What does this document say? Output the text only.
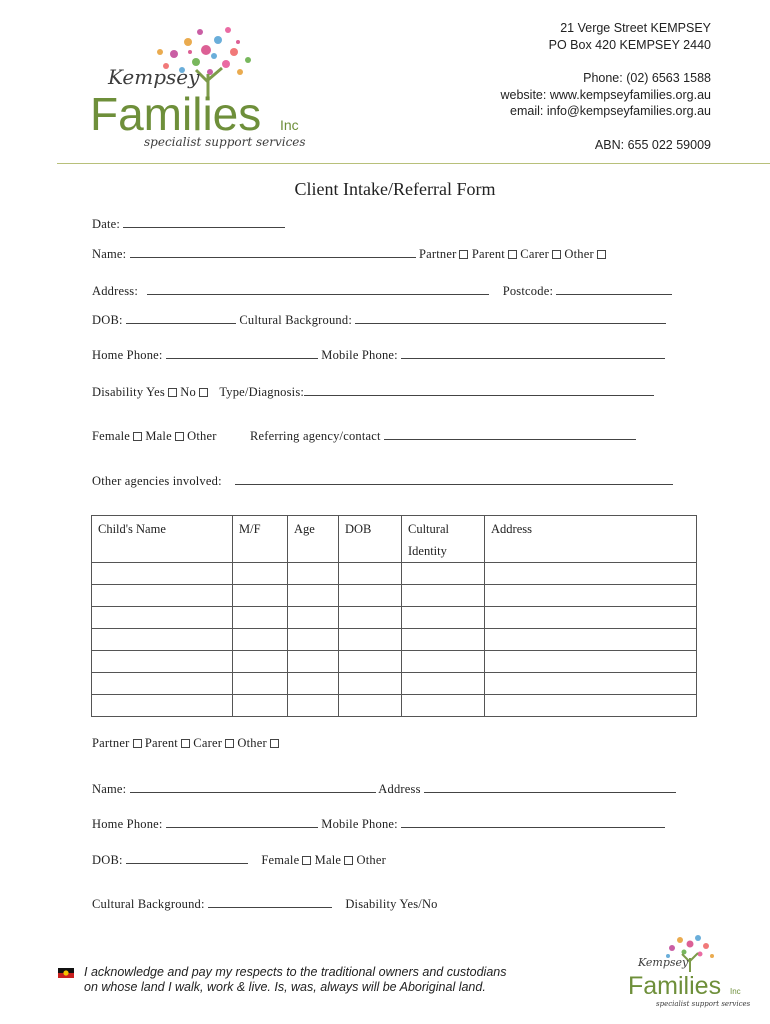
Kempsey
Families Inc
specialist support services
21 Verge Street KEMPSEY
PO Box 420 KEMPSEY 2440
Phone: (02) 6563 1588
website: www.kempseyfamilies.org.au
email: info@kempseyfamilies.org.au
ABN: 655 022 59009
Client Intake/Referral Form
Date:
Name:	Partner Parent Carer Other
Address:	Postcode:
DOB:	Cultural Background:
Home Phone:	Mobile Phone:
Disability Yes No Type/Diagnosis:
Female Male Other	Referring agency/contact
Other agencies involved:
Child's Name	M/F	Age	DOB	Cultural Identity	Address

Partner Parent Carer Other
Name:	Address
Home Phone:	Mobile Phone:
DOB:	Female Male Other
Cultural Background:	Disability Yes/No
I acknowledge and pay my respects to the traditional owners and custodians
on whose land I walk, work & live. Is, was, always will be Aboriginal land.
Kempsey
Families Inc
specialist support services
